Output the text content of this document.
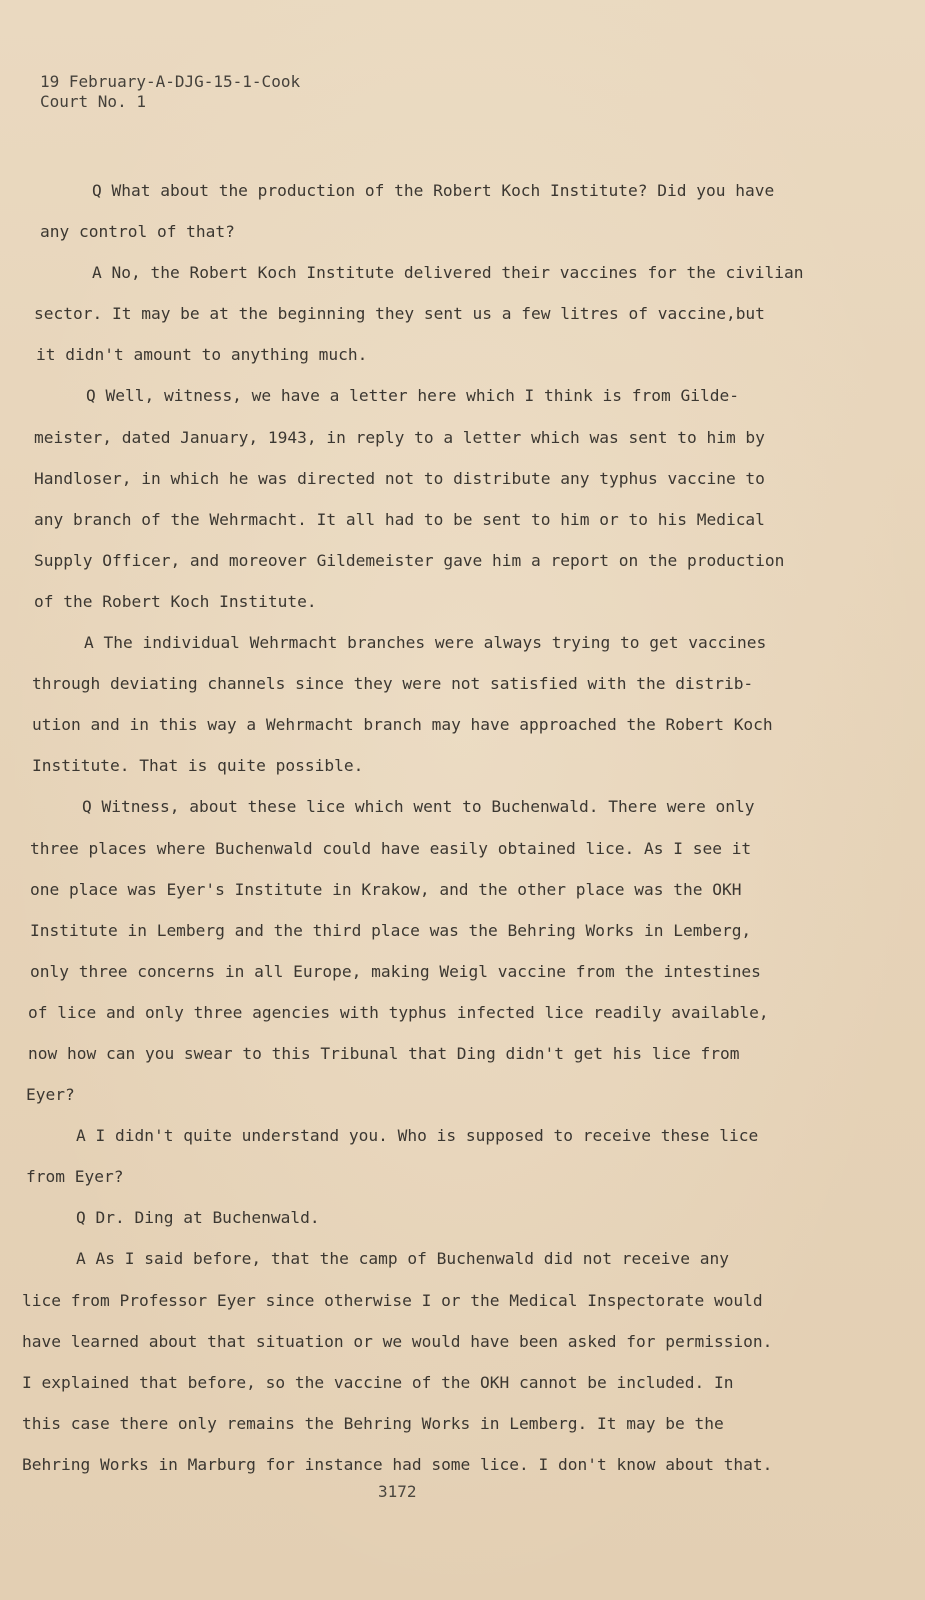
19 February-A-DJG-15-1-Cook
Court No. 1
Q What about the production of the Robert Koch Institute? Did you have
any control of that?
A No, the Robert Koch Institute delivered their vaccines for the civilian
sector. It may be at the beginning they sent us a few litres of vaccine,but
it didn't amount to anything much.
Q Well, witness, we have a letter here which I think is from Gilde-
meister, dated January, 1943, in reply to a letter which was sent to him by
Handloser, in which he was directed not to distribute any typhus vaccine to
any branch of the Wehrmacht. It all had to be sent to him or to his Medical
Supply Officer, and moreover Gildemeister gave him a report on the production
of the Robert Koch Institute.
A The individual Wehrmacht branches were always trying to get vaccines
through deviating channels since they were not satisfied with the distrib-
ution and in this way a Wehrmacht branch may have approached the Robert Koch
Institute. That is quite possible.
Q Witness, about these lice which went to Buchenwald. There were only
three places where Buchenwald could have easily obtained lice. As I see it
one place was Eyer's Institute in Krakow, and the other place was the OKH
Institute in Lemberg and the third place was the Behring Works in Lemberg,
only three concerns in all Europe, making Weigl vaccine from the intestines
of lice and only three agencies with typhus infected lice readily available,
now how can you swear to this Tribunal that Ding didn't get his lice from
Eyer?
A I didn't quite understand you. Who is supposed to receive these lice
from Eyer?
Q Dr. Ding at Buchenwald.
A As I said before, that the camp of Buchenwald did not receive any
lice from Professor Eyer since otherwise I or the Medical Inspectorate would
have learned about that situation or we would have been asked for permission.
I explained that before, so the vaccine of the OKH cannot be included. In
this case there only remains the Behring Works in Lemberg. It may be the
Behring Works in Marburg for instance had some lice. I don't know about that.
3172
